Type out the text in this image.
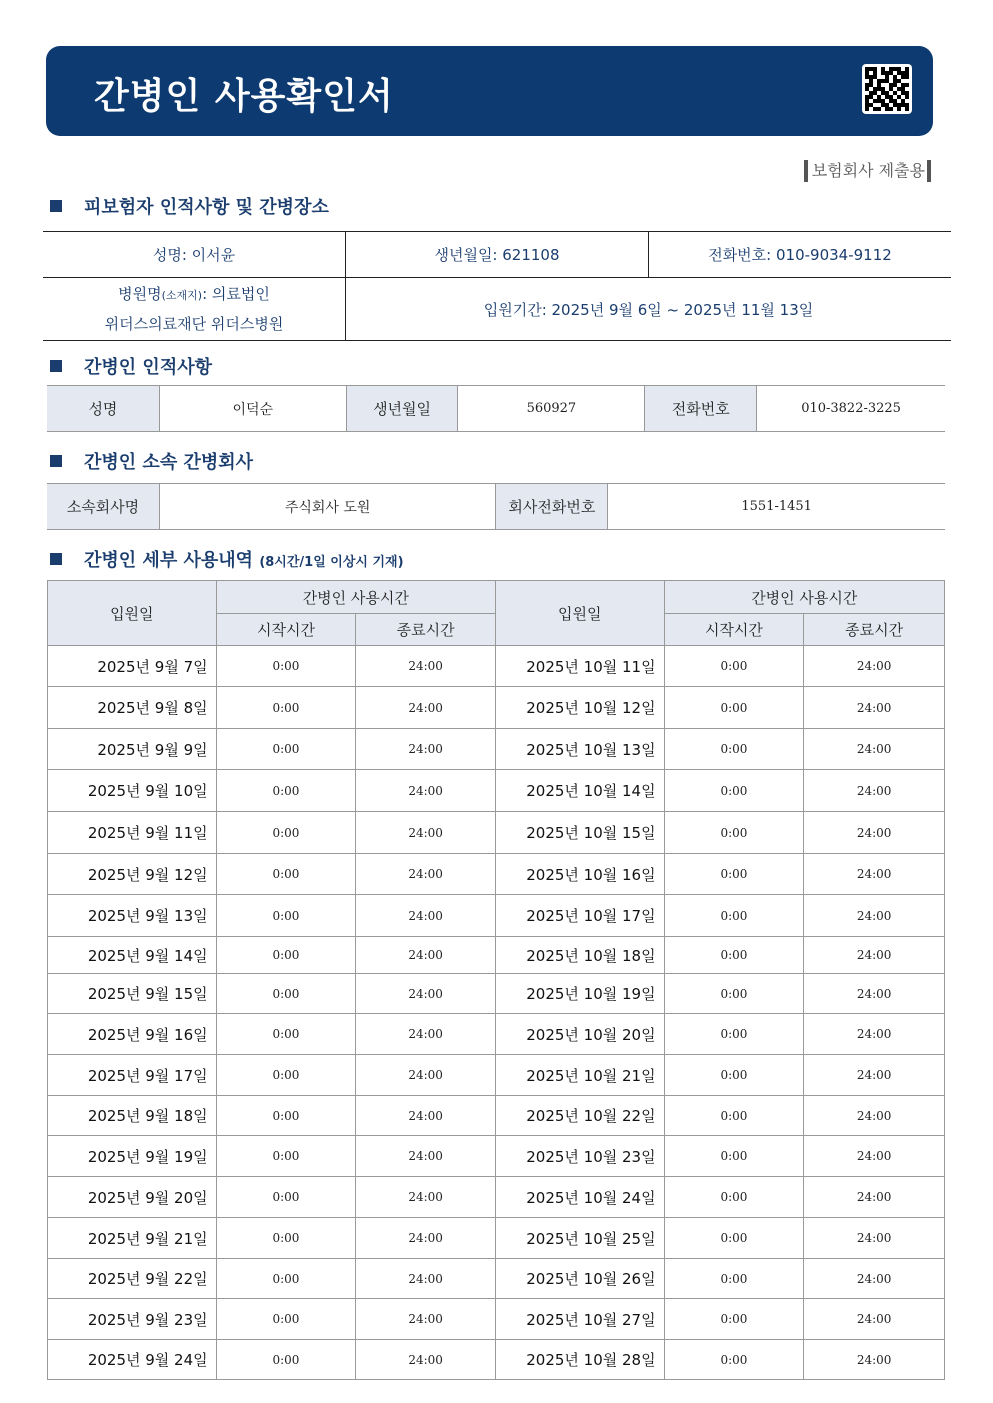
간병인 사용확인서
보험회사 제출용
피보험자 인적사항 및 간병장소
성명: 이서윤	생년월일: 621108	전화번호: 010-9034-9112
병원명(소재지): 의료법인
위더스의료재단 위더스병원	입원기간: 2025년 9월 6일 ~ 2025년 11월 13일	
간병인 인적사항
성명	이덕순	생년월일	560927	전화번호	010-3822-3225
간병인 소속 간병회사
소속회사명	주식회사 도원	회사전화번호	1551-1451
간병인 세부 사용내역 (8시간/1일 이상시 기재)
입원일	간병인 사용시간		입원일	간병인 사용시간	
	시작시간	종료시간		시작시간	종료시간
2025년 9월 7일	0:00	24:00	2025년 10월 11일	0:00	24:00
2025년 9월 8일	0:00	24:00	2025년 10월 12일	0:00	24:00
2025년 9월 9일	0:00	24:00	2025년 10월 13일	0:00	24:00
2025년 9월 10일	0:00	24:00	2025년 10월 14일	0:00	24:00
2025년 9월 11일	0:00	24:00	2025년 10월 15일	0:00	24:00
2025년 9월 12일	0:00	24:00	2025년 10월 16일	0:00	24:00
2025년 9월 13일	0:00	24:00	2025년 10월 17일	0:00	24:00
2025년 9월 14일	0:00	24:00	2025년 10월 18일	0:00	24:00
2025년 9월 15일	0:00	24:00	2025년 10월 19일	0:00	24:00
2025년 9월 16일	0:00	24:00	2025년 10월 20일	0:00	24:00
2025년 9월 17일	0:00	24:00	2025년 10월 21일	0:00	24:00
2025년 9월 18일	0:00	24:00	2025년 10월 22일	0:00	24:00
2025년 9월 19일	0:00	24:00	2025년 10월 23일	0:00	24:00
2025년 9월 20일	0:00	24:00	2025년 10월 24일	0:00	24:00
2025년 9월 21일	0:00	24:00	2025년 10월 25일	0:00	24:00
2025년 9월 22일	0:00	24:00	2025년 10월 26일	0:00	24:00
2025년 9월 23일	0:00	24:00	2025년 10월 27일	0:00	24:00
2025년 9월 24일	0:00	24:00	2025년 10월 28일	0:00	24:00
